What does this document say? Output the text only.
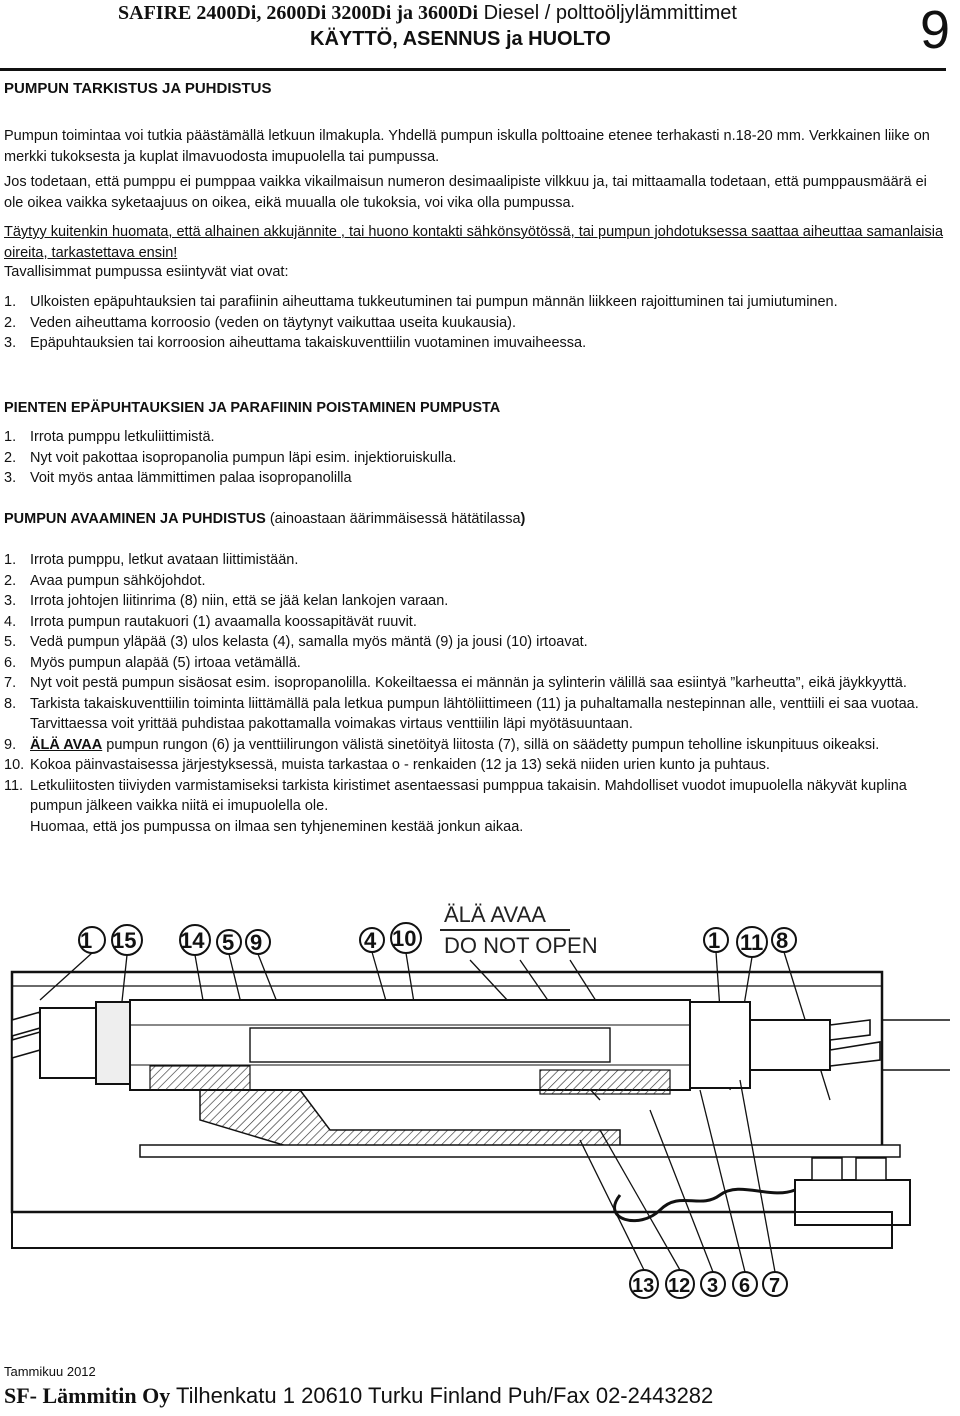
SAFIRE 2400Di, 2600Di 3200Di ja 3600Di Diesel / polttoöljylämmittimet
KÄYTTÖ, ASENNUS ja HUOLTO	9
PUMPUN TARKISTUS JA PUHDISTUS
Pumpun toimintaa voi tutkia päästämällä letkuun ilmakupla. Yhdellä pumpun iskulla polttoaine etenee terhakasti n.18-20 mm. Verkkainen liike on merkki tukoksesta ja kuplat ilmavuodosta imupuolella tai pumpussa.
Jos todetaan, että pumppu ei pumppaa vaikka vikailmaisun numeron desimaalipiste vilkkuu ja, tai mittaamalla todetaan, että pumppausmäärä ei ole oikea vaikka syketaajuus on oikea, eikä muualla ole tukoksia, voi vika olla pumpussa.
Täytyy kuitenkin huomata, että alhainen akkujännite , tai huono kontakti sähkönsyötössä, tai pumpun johdotuksessa saattaa aiheuttaa samanlaisia oireita, tarkastettava ensin!
Tavallisimmat pumpussa esiintyvät viat ovat:
1. Ulkoisten epäpuhtauksien tai parafiinin aiheuttama tukkeutuminen tai pumpun männän liikkeen rajoittuminen tai jumiutuminen.
2. Veden aiheuttama korroosio (veden on täytynyt vaikuttaa useita kuukausia).
3. Epäpuhtauksien tai korroosion aiheuttama takaiskuventtiilin vuotaminen imuvaiheessa.
PIENTEN EPÄPUHTAUKSIEN JA PARAFIININ POISTAMINEN PUMPUSTA
1. Irrota pumppu letkuliittimistä.
2. Nyt voit pakottaa isopropanolia pumpun läpi esim. injektioruiskulla.
3. Voit myös antaa lämmittimen palaa isopropanolilla
PUMPUN AVAAMINEN JA PUHDISTUS (ainoastaan äärimmäisessä hätätilassa)
1. Irrota pumppu, letkut avataan liittimistään.
2. Avaa pumpun sähköjohdot.
3. Irrota johtojen liitinrima (8) niin, että se jää kelan lankojen varaan.
4. Irrota pumpun rautakuori (1) avaamalla koossapitävät ruuvit.
5. Vedä pumpun yläpää (3) ulos kelasta (4), samalla myös mäntä (9) ja jousi (10) irtoavat.
6. Myös pumpun alapää (5) irtoaa vetämällä.
7. Nyt voit pestä pumpun sisäosat esim. isopropanolilla. Kokeiltaessa ei männän ja sylinterin välillä saa esiintyä ”karheutta”, eikä jäykkyyttä.
8. Tarkista takaiskuventtiilin toiminta liittämällä pala letkua pumpun lähtöliittimeen (11) ja puhaltamalla nestepinnan alle, venttiili ei saa vuotaa. Tarvittaessa voit yrittää puhdistaa pakottamalla voimakas virtaus venttiilin läpi myötäsuuntaan.
9. ÄLÄ AVAA pumpun rungon (6) ja venttiilirungon välistä sinetöityä liitosta (7), sillä on säädetty pumpun teholline iskunpituus oikeaksi.
10. Kokoa päinvastaisessa järjestyksessä, muista tarkastaa o - renkaiden (12 ja 13) sekä niiden urien kunto ja puhtaus.
11. Letkuliitosten tiiviyden varmistamiseksi tarkista kiristimet asentaessasi pumppua takaisin. Mahdolliset vuodot imupuolella näkyvät kuplina pumpun jälkeen vaikka niitä ei imupuolella ole.
Huomaa, että jos pumpussa on ilmaa sen tyhjeneminen kestää jonkun aikaa.
ÄLÄ AVAA
DO NOT OPEN
1 15 14 5 9	4 10	1 11 8
13 12 3 6 7
Tammikuu 2012
SF- Lämmitin Oy Tilhenkatu 1 20610 Turku Finland Puh/Fax 02-2443282
